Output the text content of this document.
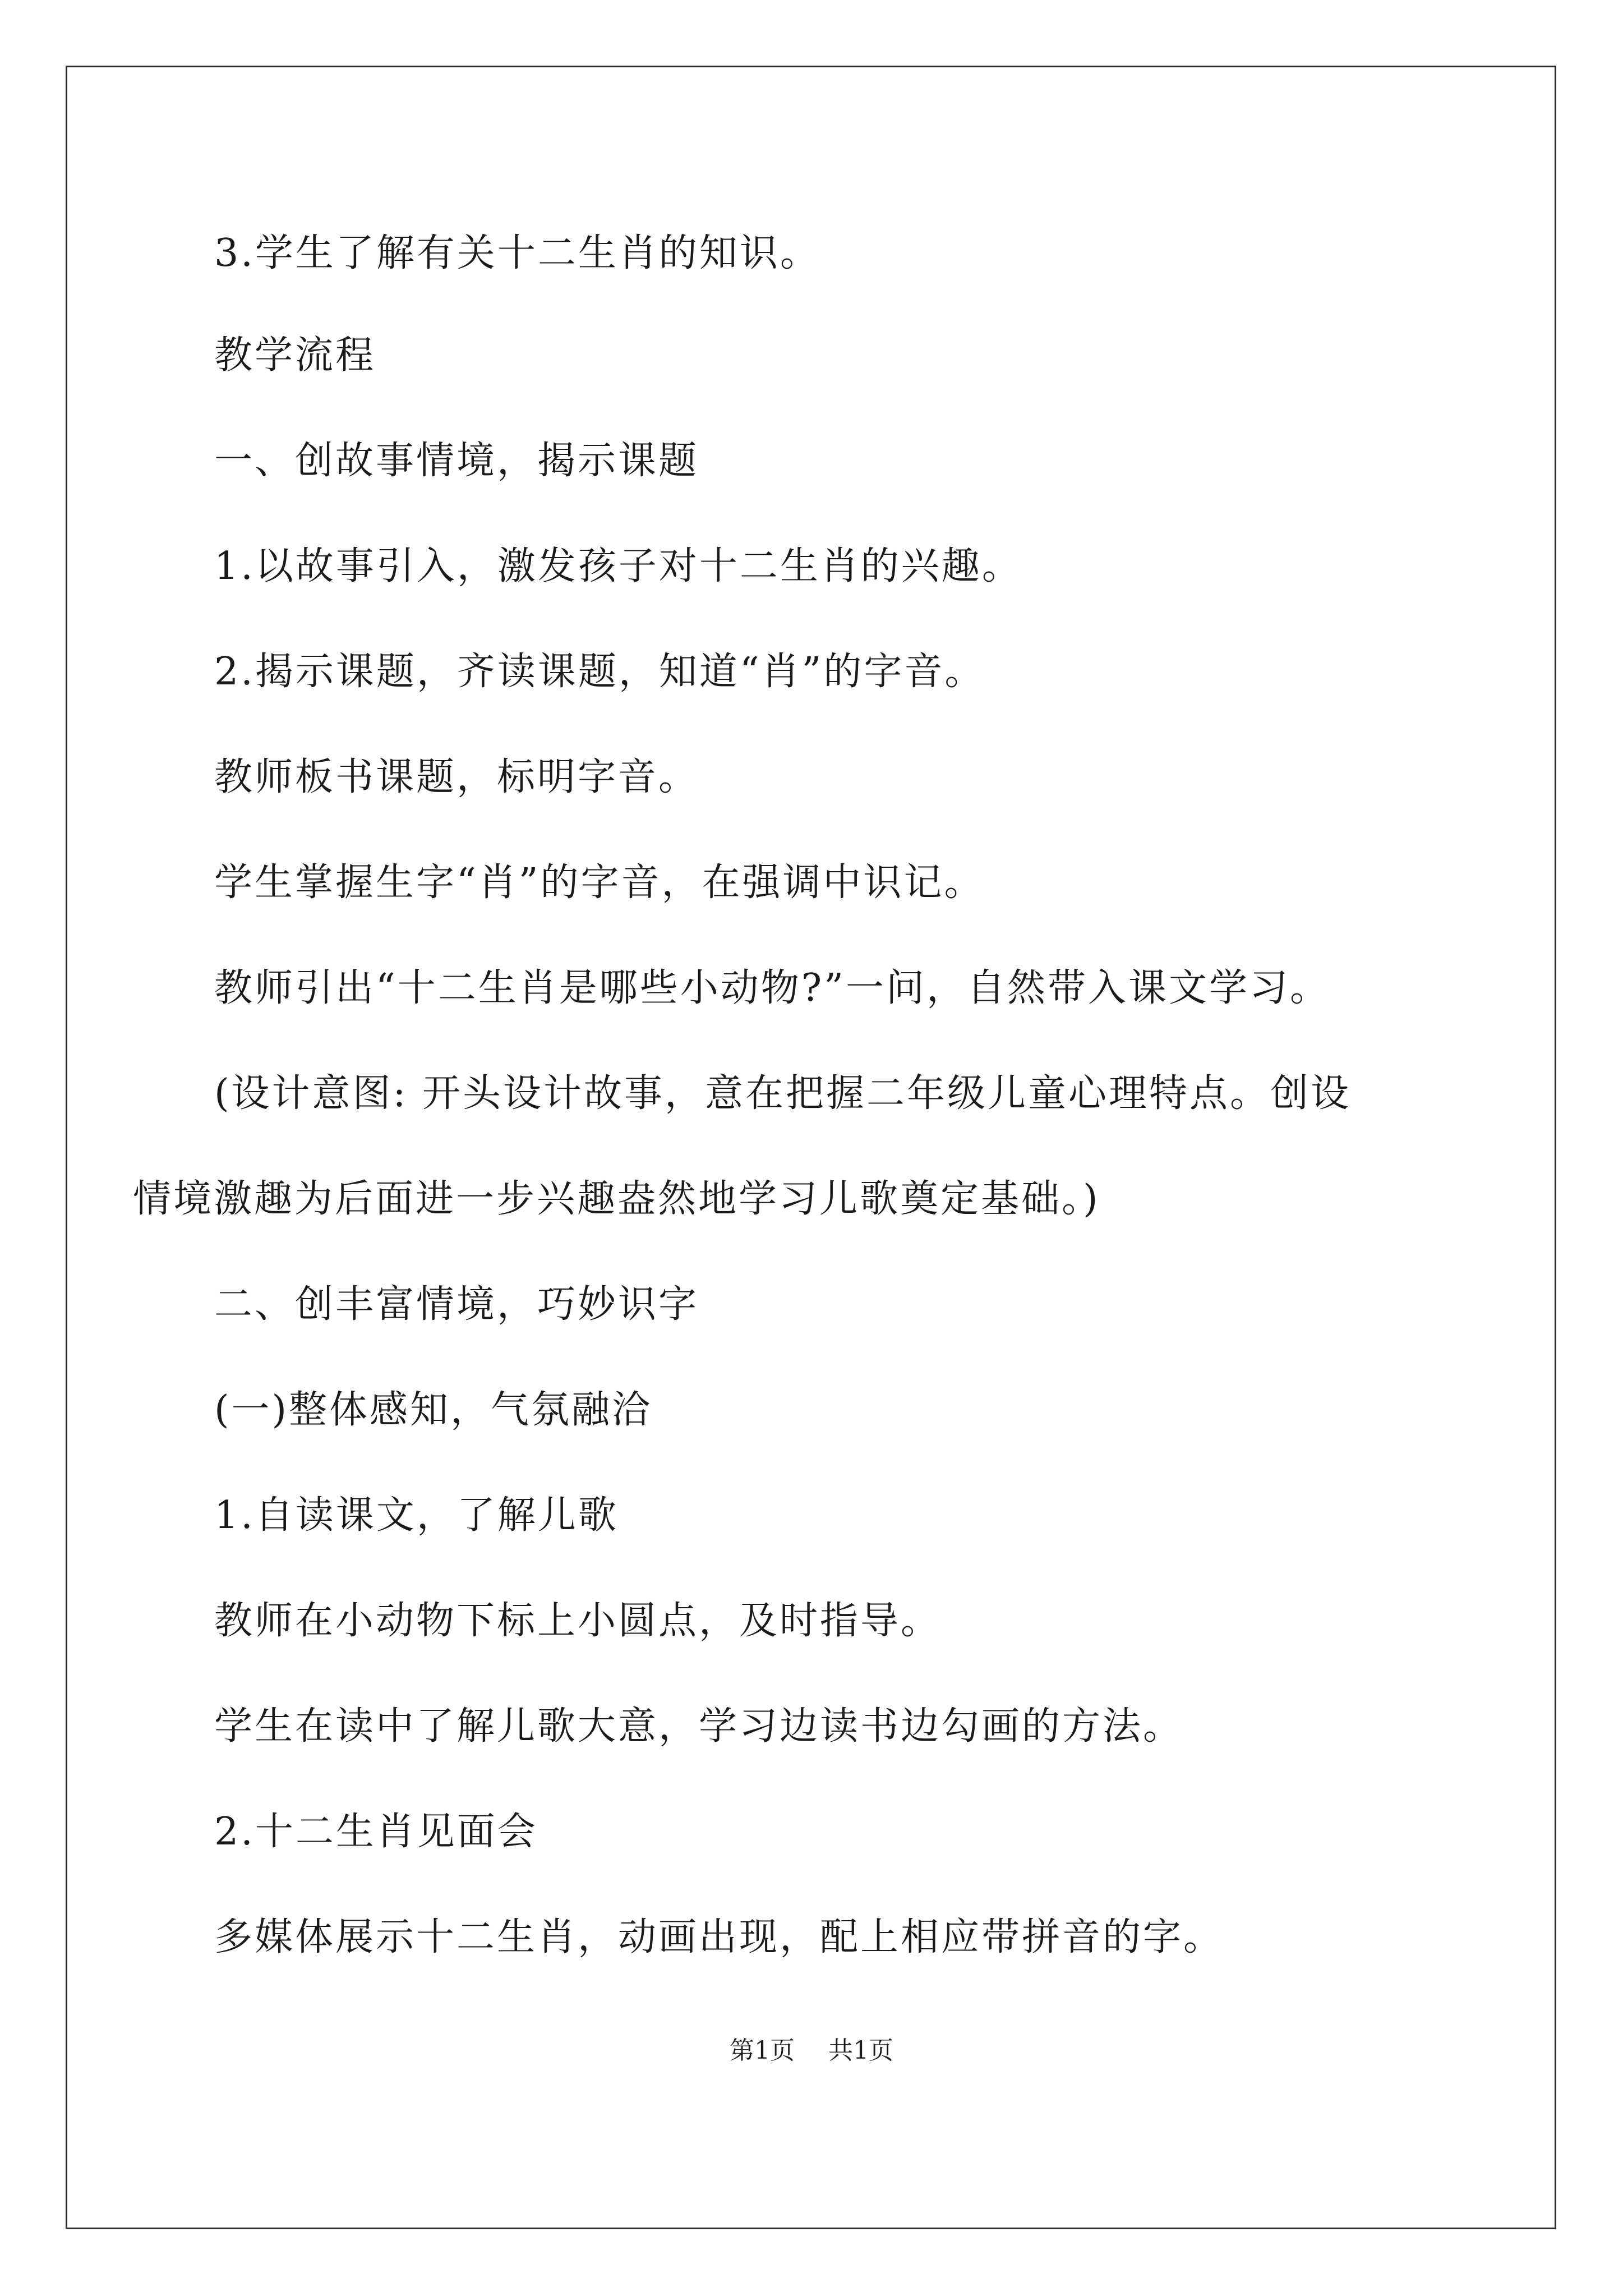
3.学生了解有关十二生肖的知识。

教学流程

一、创故事情境，揭示课题

1.以故事引入，激发孩子对十二生肖的兴趣。

2.揭示课题，齐读课题，知道“肖”的字音。

教师板书课题，标明字音。

学生掌握生字“肖”的字音，在强调中识记。

教师引出“十二生肖是哪些小动物?”一问，自然带入课文学习。

(设计意图: 开头设计故事，意在把握二年级儿童心理特点。创设

情境激趣为后面进一步兴趣盎然地学习儿歌奠定基础。)

二、创丰富情境，巧妙识字

(一)整体感知，气氛融洽

1.自读课文，了解儿歌

教师在小动物下标上小圆点，及时指导。

学生在读中了解儿歌大意，学习边读书边勾画的方法。

2.十二生肖见面会

多媒体展示十二生肖，动画出现，配上相应带拼音的字。

第1页 共1页
